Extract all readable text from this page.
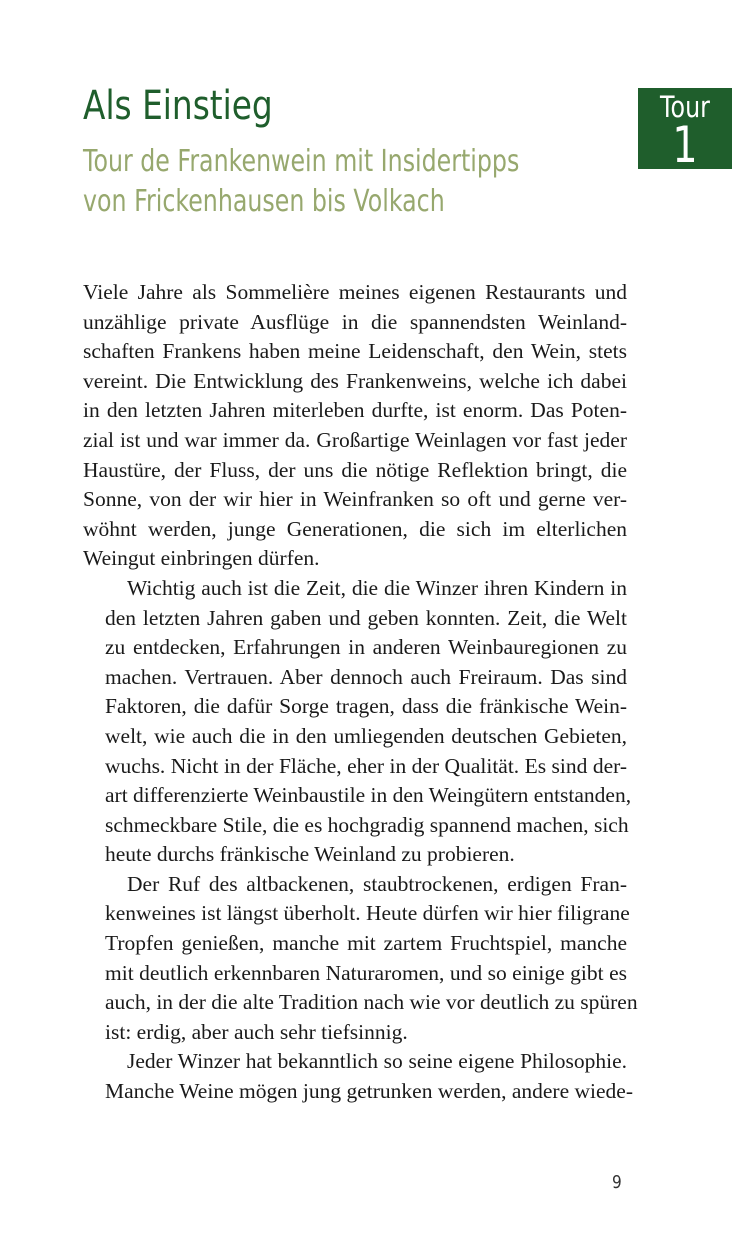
Tour
1
Als Einstieg
Tour de Frankenwein mit Insidertipps
von Frickenhausen bis Volkach

Viele Jahre als Sommelière meines eigenen Restaurants und
unzählige private Ausflüge in die spannendsten Weinland-
schaften Frankens haben meine Leidenschaft, den Wein, stets
vereint. Die Entwicklung des Frankenweins, welche ich dabei
in den letzten Jahren miterleben durfte, ist enorm. Das Poten-
zial ist und war immer da. Großartige Weinlagen vor fast jeder
Haustüre, der Fluss, der uns die nötige Reflektion bringt, die
Sonne, von der wir hier in Weinfranken so oft und gerne ver-
wöhnt werden, junge Generationen, die sich im elterlichen
Weingut einbringen dürfen.

Wichtig auch ist die Zeit, die die Winzer ihren Kindern in
den letzten Jahren gaben und geben konnten. Zeit, die Welt
zu entdecken, Erfahrungen in anderen Weinbauregionen zu
machen. Vertrauen. Aber dennoch auch Freiraum. Das sind
Faktoren, die dafür Sorge tragen, dass die fränkische Wein-
welt, wie auch die in den umliegenden deutschen Gebieten,
wuchs. Nicht in der Fläche, eher in der Qualität. Es sind der-
art differenzierte Weinbaustile in den Weingütern entstanden,
schmeckbare Stile, die es hochgradig spannend machen, sich
heute durchs fränkische Weinland zu probieren.

Der Ruf des altbackenen, staubtrockenen, erdigen Fran-
kenweines ist längst überholt. Heute dürfen wir hier filigrane
Tropfen genießen, manche mit zartem Fruchtspiel, manche
mit deutlich erkennbaren Naturaromen, und so einige gibt es
auch, in der die alte Tradition nach wie vor deutlich zu spüren
ist: erdig, aber auch sehr tiefsinnig.

Jeder Winzer hat bekanntlich so seine eigene Philosophie.
Manche Weine mögen jung getrunken werden, andere wiede-

9
